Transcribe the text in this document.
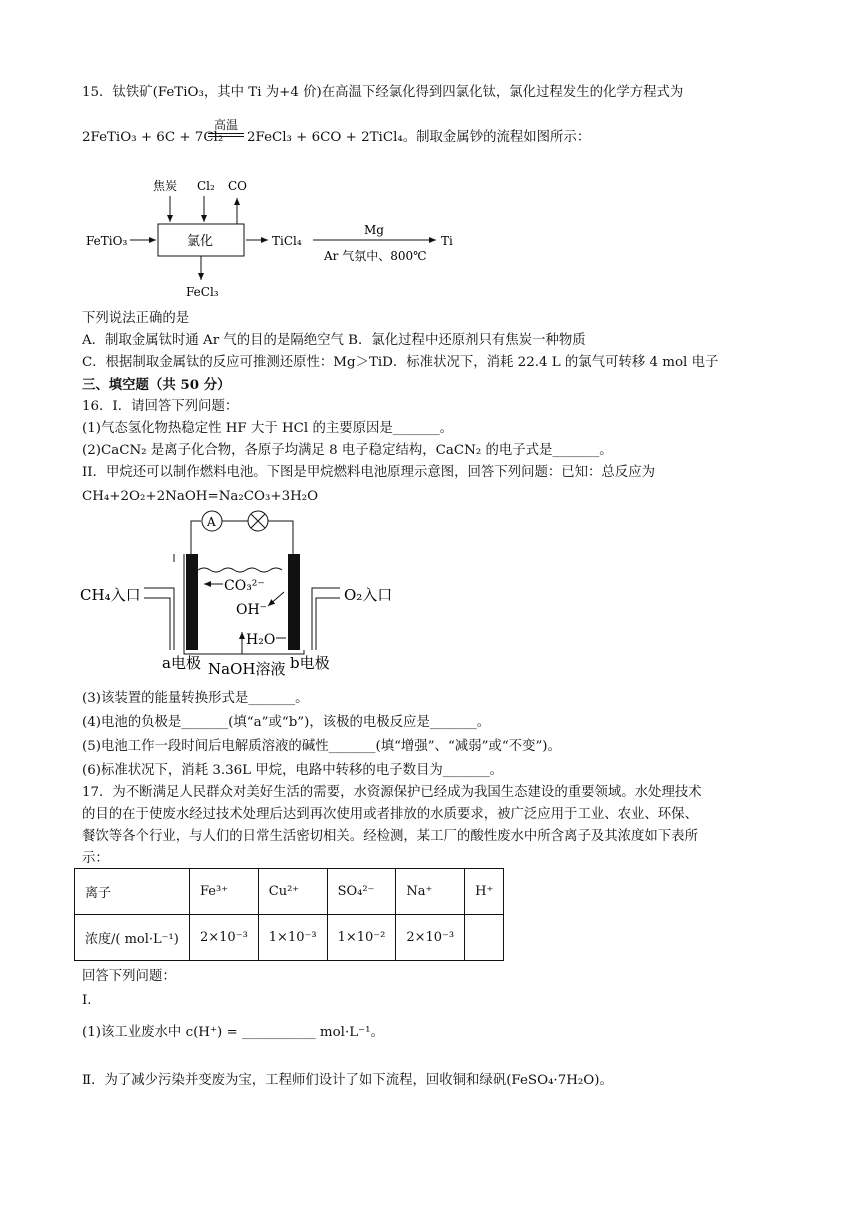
15．钛铁矿(FeTiO₃，其中 Ti 为+4 价)在高温下经氯化得到四氯化钛，氯化过程发生的化学方程式为
2FeTiO₃ + 6C + 7Cl₂
高温
2FeCl₃ + 6CO + 2TiCl₄。制取金属钞的流程如图所示：
焦炭 Cl₂ CO
氯化
FeTiO₃	TiCl₄
Mg
Ar 气氛中、800℃
Ti
FeCl₃
下列说法正确的是
A．制取金属钛时通 Ar 气的目的是隔绝空气 B．氯化过程中还原剂只有焦炭一种物质
C．根据制取金属钛的反应可推测还原性：Mg＞TiD．标准状况下，消耗 22.4 L 的氯气可转移 4 mol 电子
三、填空题（共 50 分）
16．I．请回答下列问题：
(1)气态氢化物热稳定性 HF 大于 HCl 的主要原因是_______。
(2)CaCN₂ 是离子化合物，各原子均满足 8 电子稳定结构，CaCN₂ 的电子式是_______。
II．甲烷还可以制作燃料电池。下图是甲烷燃料电池原理示意图，回答下列问题：已知：总反应为
CH₄+2O₂+2NaOH=Na₂CO₃+3H₂O
A
CH₄入口	O₂入口
CO₃²⁻
OH⁻
H₂O
a电极 NaOH溶液 b电极
(3)该装置的能量转换形式是_______。
(4)电池的负极是_______(填“a”或“b”)，该极的电极反应是_______。
(5)电池工作一段时间后电解质溶液的碱性_______(填“增强”、“减弱”或“不变”)。
(6)标准状况下，消耗 3.36L 甲烷，电路中转移的电子数目为_______。
17．为不断满足人民群众对美好生活的需要，水资源保护已经成为我国生态建设的重要领域。水处理技术
的目的在于使废水经过技术处理后达到再次使用或者排放的水质要求，被广泛应用于工业、农业、环保、
餐饮等各个行业，与人们的日常生活密切相关。经检测，某工厂的酸性废水中所含离子及其浓度如下表所
示：
离子	Fe³⁺	Cu²⁺	SO₄²⁻	Na⁺	H⁺
浓度/( mol·L⁻¹)	2×10⁻³	1×10⁻³	1×10⁻²	2×10⁻³	
回答下列问题：
Ⅰ.
(1)该工业废水中 c(H⁺) = ___________ mol·L⁻¹。
Ⅱ．为了减少污染并变废为宝，工程师们设计了如下流程，回收铜和绿矾(FeSO₄·7H₂O)。
